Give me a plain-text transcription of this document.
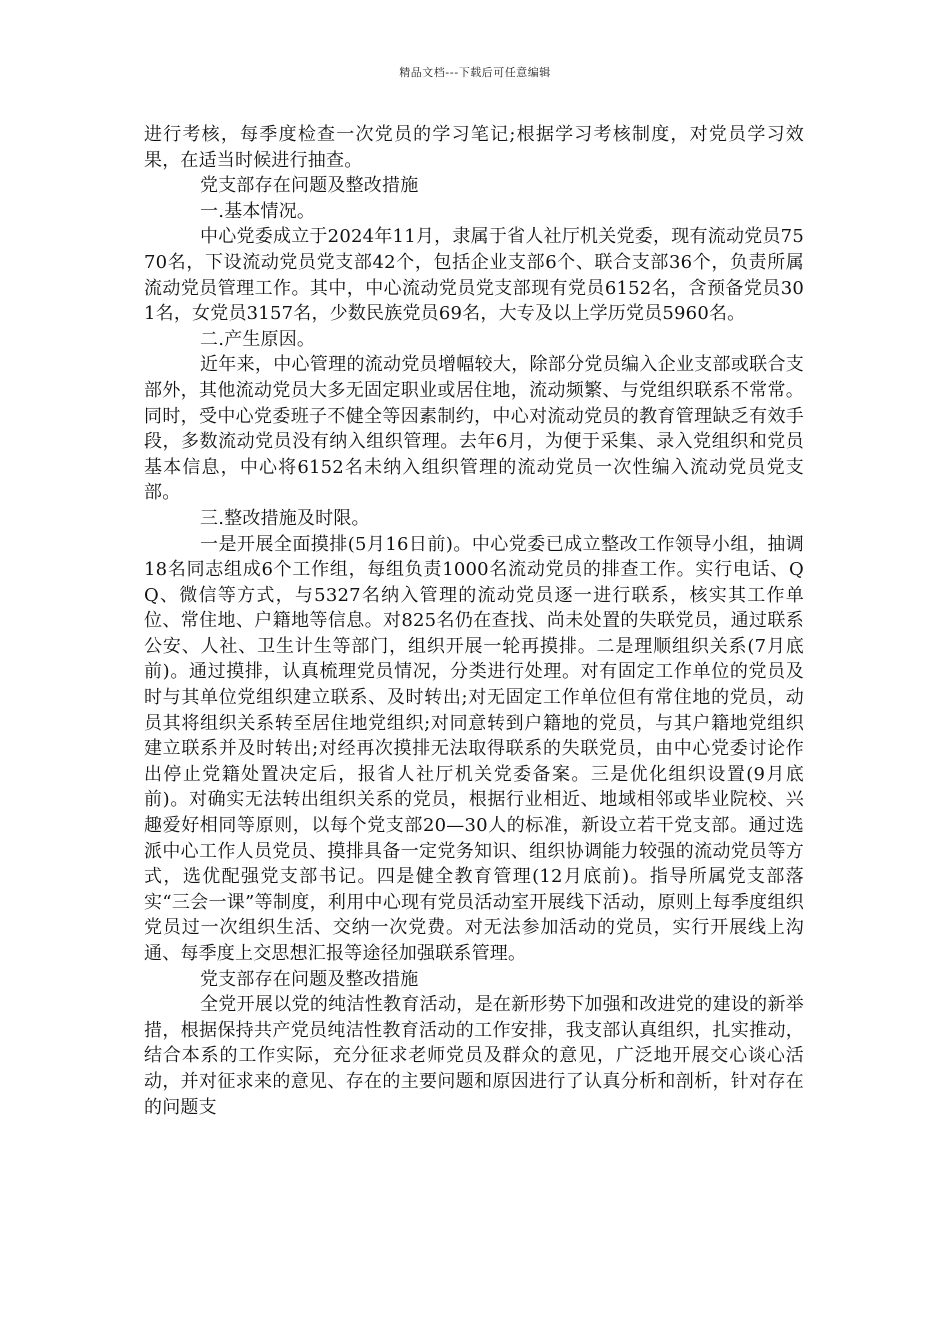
精品文档---下载后可任意编辑

进行考核，每季度检查一次党员的学习笔记;根据学习考核制度，对党员学习效果，在适当时候进行抽查。

党支部存在问题及整改措施

一.基本情况。

中心党委成立于2024年11月，隶属于省人社厅机关党委，现有流动党员7570名，下设流动党员党支部42个，包括企业支部6个、联合支部36个，负责所属流动党员管理工作。其中，中心流动党员党支部现有党员6152名，含预备党员301名，女党员3157名，少数民族党员69名，大专及以上学历党员5960名。

二.产生原因。

近年来，中心管理的流动党员增幅较大，除部分党员编入企业支部或联合支部外，其他流动党员大多无固定职业或居住地，流动频繁、与党组织联系不常常。同时，受中心党委班子不健全等因素制约，中心对流动党员的教育管理缺乏有效手段，多数流动党员没有纳入组织管理。去年6月，为便于采集、录入党组织和党员基本信息，中心将6152名未纳入组织管理的流动党员一次性编入流动党员党支部。

三.整改措施及时限。

一是开展全面摸排(5月16日前)。中心党委已成立整改工作领导小组，抽调18名同志组成6个工作组，每组负责1000名流动党员的排查工作。实行电话、QQ、微信等方式，与5327名纳入管理的流动党员逐一进行联系，核实其工作单位、常住地、户籍地等信息。对825名仍在查找、尚未处置的失联党员，通过联系公安、人社、卫生计生等部门，组织开展一轮再摸排。二是理顺组织关系(7月底前)。通过摸排，认真梳理党员情况，分类进行处理。对有固定工作单位的党员及时与其单位党组织建立联系、及时转出;对无固定工作单位但有常住地的党员，动员其将组织关系转至居住地党组织;对同意转到户籍地的党员，与其户籍地党组织建立联系并及时转出;对经再次摸排无法取得联系的失联党员，由中心党委讨论作出停止党籍处置决定后，报省人社厅机关党委备案。三是优化组织设置(9月底前)。对确实无法转出组织关系的党员，根据行业相近、地域相邻或毕业院校、兴趣爱好相同等原则，以每个党支部20—30人的标准，新设立若干党支部。通过选派中心工作人员党员、摸排具备一定党务知识、组织协调能力较强的流动党员等方式，选优配强党支部书记。四是健全教育管理(12月底前)。指导所属党支部落实“三会一课”等制度，利用中心现有党员活动室开展线下活动，原则上每季度组织党员过一次组织生活、交纳一次党费。对无法参加活动的党员，实行开展线上沟通、每季度上交思想汇报等途径加强联系管理。

党支部存在问题及整改措施

全党开展以党的纯洁性教育活动，是在新形势下加强和改进党的建设的新举措，根据保持共产党员纯洁性教育活动的工作安排，我支部认真组织，扎实推动，结合本系的工作实际，充分征求老师党员及群众的意见，广泛地开展交心谈心活动，并对征求来的意见、存在的主要问题和原因进行了认真分析和剖析，针对存在的问题支
